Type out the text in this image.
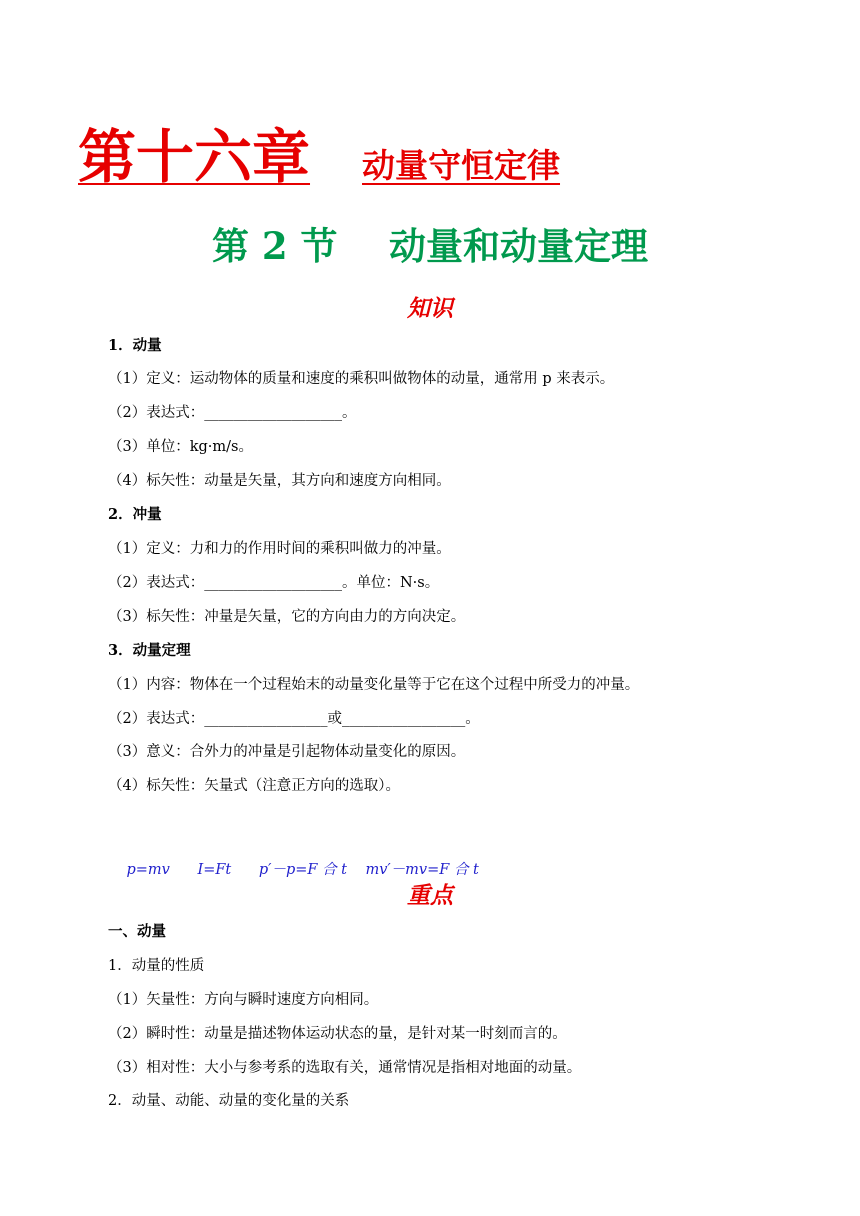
第十六章 动量守恒定律
第 2 节    动量和动量定理
知识
1．动量
（1）定义：运动物体的质量和速度的乘积叫做物体的动量，通常用 p 来表示。
（2）表达式：___________________。
（3）单位：kg·m/s。
（4）标矢性：动量是矢量，其方向和速度方向相同。
2．冲量
（1）定义：力和力的作用时间的乘积叫做力的冲量。
（2）表达式：___________________。单位：N·s。
（3）标矢性：冲量是矢量，它的方向由力的方向决定。
3．动量定理
（1）内容：物体在一个过程始末的动量变化量等于它在这个过程中所受力的冲量。
（2）表达式：_________________或_________________。
（3）意义：合外力的冲量是引起物体动量变化的原因。
（4）标矢性：矢量式（注意正方向的选取）。

p=mv I=Ft p′－p=F 合 t mv′－mv=F 合 t

重点
一、动量
1．动量的性质
（1）矢量性：方向与瞬时速度方向相同。
（2）瞬时性：动量是描述物体运动状态的量，是针对某一时刻而言的。
（3）相对性：大小与参考系的选取有关，通常情况是指相对地面的动量。
2．动量、动能、动量的变化量的关系
